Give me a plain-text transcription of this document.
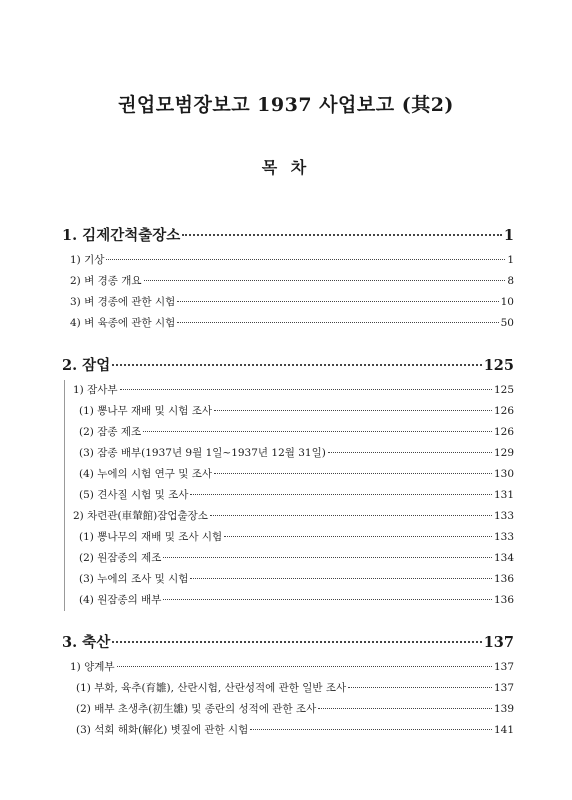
권업모범장보고 1937 사업보고 (其2)
목 차
1. 김제간척출장소	1
1) 기상	1
2) 벼 경종 개요	8
3) 벼 경종에 관한 시험	10
4) 벼 육종에 관한 시험	50
2. 잠업	125
1) 잠사부	125
(1) 뽕나무 재배 및 시험 조사	126
(2) 잠종 제조	126
(3) 잠종 배부(1937년 9월 1일~1937년 12월 31일)	129
(4) 누에의 시험 연구 및 조사	130
(5) 견사질 시험 및 조사	131
2) 차련관(車輦館)잠업출장소	133
(1) 뽕나무의 재배 및 조사 시험	133
(2) 원잠종의 제조	134
(3) 누에의 조사 및 시험	136
(4) 원잠종의 배부	136
3. 축산	137
1) 양계부	137
(1) 부화, 육추(育雛), 산란시험, 산란성적에 관한 일반 조사	137
(2) 배부 초생추(初生雛) 및 종란의 성적에 관한 조사	139
(3) 석회 해화(解化) 볏짚에 관한 시험	141
